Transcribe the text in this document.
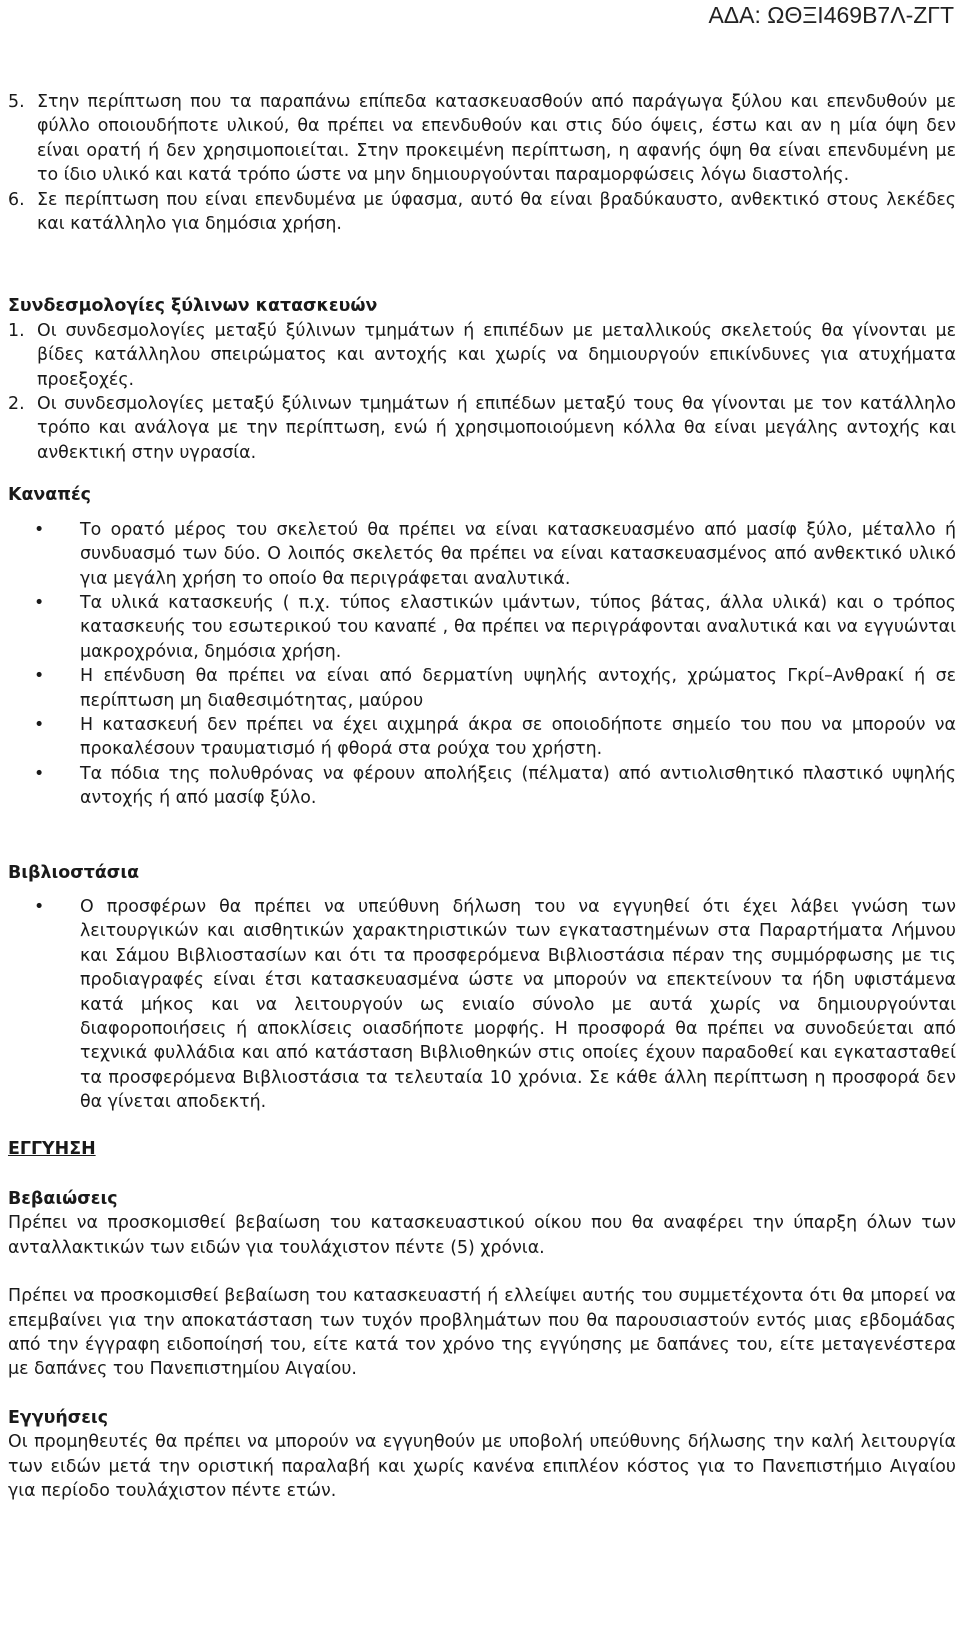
ΑΔΑ: ΩΘΞΙ469Β7Λ-ΖΓΤ
5. Στην περίπτωση που τα παραπάνω επίπεδα κατασκευασθούν από παράγωγα ξύλου και επενδυθούν με φύλλο οποιουδήποτε υλικού, θα πρέπει να επενδυθούν και στις δύο όψεις, έστω και αν η μία όψη δεν είναι ορατή ή δεν χρησιμοποιείται. Στην προκειμένη περίπτωση, η αφανής όψη θα είναι επενδυμένη με το ίδιο υλικό και κατά τρόπο ώστε να μην δημιουργούνται παραμορφώσεις λόγω διαστολής.
6. Σε περίπτωση που είναι επενδυμένα με ύφασμα, αυτό θα είναι βραδύκαυστο, ανθεκτικό στους λεκέδες και κατάλληλο για δημόσια χρήση.

Συνδεσμολογίες ξύλινων κατασκευών

1. Οι συνδεσμολογίες μεταξύ ξύλινων τμημάτων ή επιπέδων με μεταλλικούς σκελετούς θα γίνονται με βίδες κατάλληλου σπειρώματος και αντοχής και χωρίς να δημιουργούν επικίνδυνες για ατυχήματα προεξοχές.
2. Οι συνδεσμολογίες μεταξύ ξύλινων τμημάτων ή επιπέδων μεταξύ τους θα γίνονται με τον κατάλληλο τρόπο και ανάλογα με την περίπτωση, ενώ ή χρησιμοποιούμενη κόλλα θα είναι μεγάλης αντοχής και ανθεκτική στην υγρασία.

Καναπές

•	Το ορατό μέρος του σκελετού θα πρέπει να είναι κατασκευασμένο από μασίφ ξύλο, μέταλλο ή συνδυασμό των δύο. Ο λοιπός σκελετός θα πρέπει να είναι κατασκευασμένος από ανθεκτικό υλικό για μεγάλη χρήση το οποίο θα περιγράφεται αναλυτικά.
•	Τα υλικά κατασκευής ( π.χ. τύπος ελαστικών ιμάντων, τύπος βάτας, άλλα υλικά) και ο τρόπος κατασκευής του εσωτερικού του καναπέ , θα πρέπει να περιγράφονται αναλυτικά και να εγγυώνται μακροχρόνια, δημόσια χρήση.
•	Η επένδυση θα πρέπει να είναι από δερματίνη υψηλής αντοχής, χρώματος Γκρί–Ανθρακί ή σε περίπτωση μη διαθεσιμότητας, μαύρου
•	Η κατασκευή δεν πρέπει να έχει αιχμηρά άκρα σε οποιοδήποτε σημείο του που να μπορούν να προκαλέσουν τραυματισμό ή φθορά στα ρούχα του χρήστη.
•	Τα πόδια της πολυθρόνας να φέρουν απολήξεις (πέλματα) από αντιολισθητικό πλαστικό υψηλής αντοχής ή από μασίφ ξύλο.

Βιβλιοστάσια

•	Ο προσφέρων θα πρέπει να υπεύθυνη δήλωση του να εγγυηθεί ότι έχει λάβει γνώση των λειτουργικών και αισθητικών χαρακτηριστικών των εγκαταστημένων στα Παραρτήματα Λήμνου και Σάμου Βιβλιοστασίων και ότι τα προσφερόμενα Βιβλιοστάσια πέραν της συμμόρφωσης με τις προδιαγραφές είναι έτσι κατασκευασμένα ώστε να μπορούν να επεκτείνουν τα ήδη υφιστάμενα κατά μήκος και να λειτουργούν ως ενιαίο σύνολο με αυτά χωρίς να δημιουργούνται διαφοροποιήσεις ή αποκλίσεις οιασδήποτε μορφής. Η προσφορά θα πρέπει να συνοδεύεται από τεχνικά φυλλάδια και από κατάσταση Βιβλιοθηκών στις οποίες έχουν παραδοθεί και εγκατασταθεί τα προσφερόμενα Βιβλιοστάσια τα τελευταία 10 χρόνια. Σε κάθε άλλη περίπτωση η προσφορά δεν θα γίνεται αποδεκτή.

ΕΓΓΥΗΣΗ

Βεβαιώσεις

Πρέπει να προσκομισθεί βεβαίωση του κατασκευαστικού οίκου που θα αναφέρει την ύπαρξη όλων των ανταλλακτικών των ειδών για τουλάχιστον πέντε (5) χρόνια.

Πρέπει να προσκομισθεί βεβαίωση του κατασκευαστή ή ελλείψει αυτής του συμμετέχοντα ότι θα μπορεί να επεμβαίνει για την αποκατάσταση των τυχόν προβλημάτων που θα παρουσιαστούν εντός μιας εβδομάδας από την έγγραφη ειδοποίησή του, είτε κατά τον χρόνο της εγγύησης με δαπάνες του, είτε μεταγενέστερα με δαπάνες του Πανεπιστημίου Αιγαίου.

Εγγυήσεις

Οι προμηθευτές θα πρέπει να μπορούν να εγγυηθούν με υποβολή υπεύθυνης δήλωσης την καλή λειτουργία των ειδών μετά την οριστική παραλαβή και χωρίς κανένα επιπλέον κόστος για το Πανεπιστήμιο Αιγαίου για περίοδο τουλάχιστον πέντε ετών.
